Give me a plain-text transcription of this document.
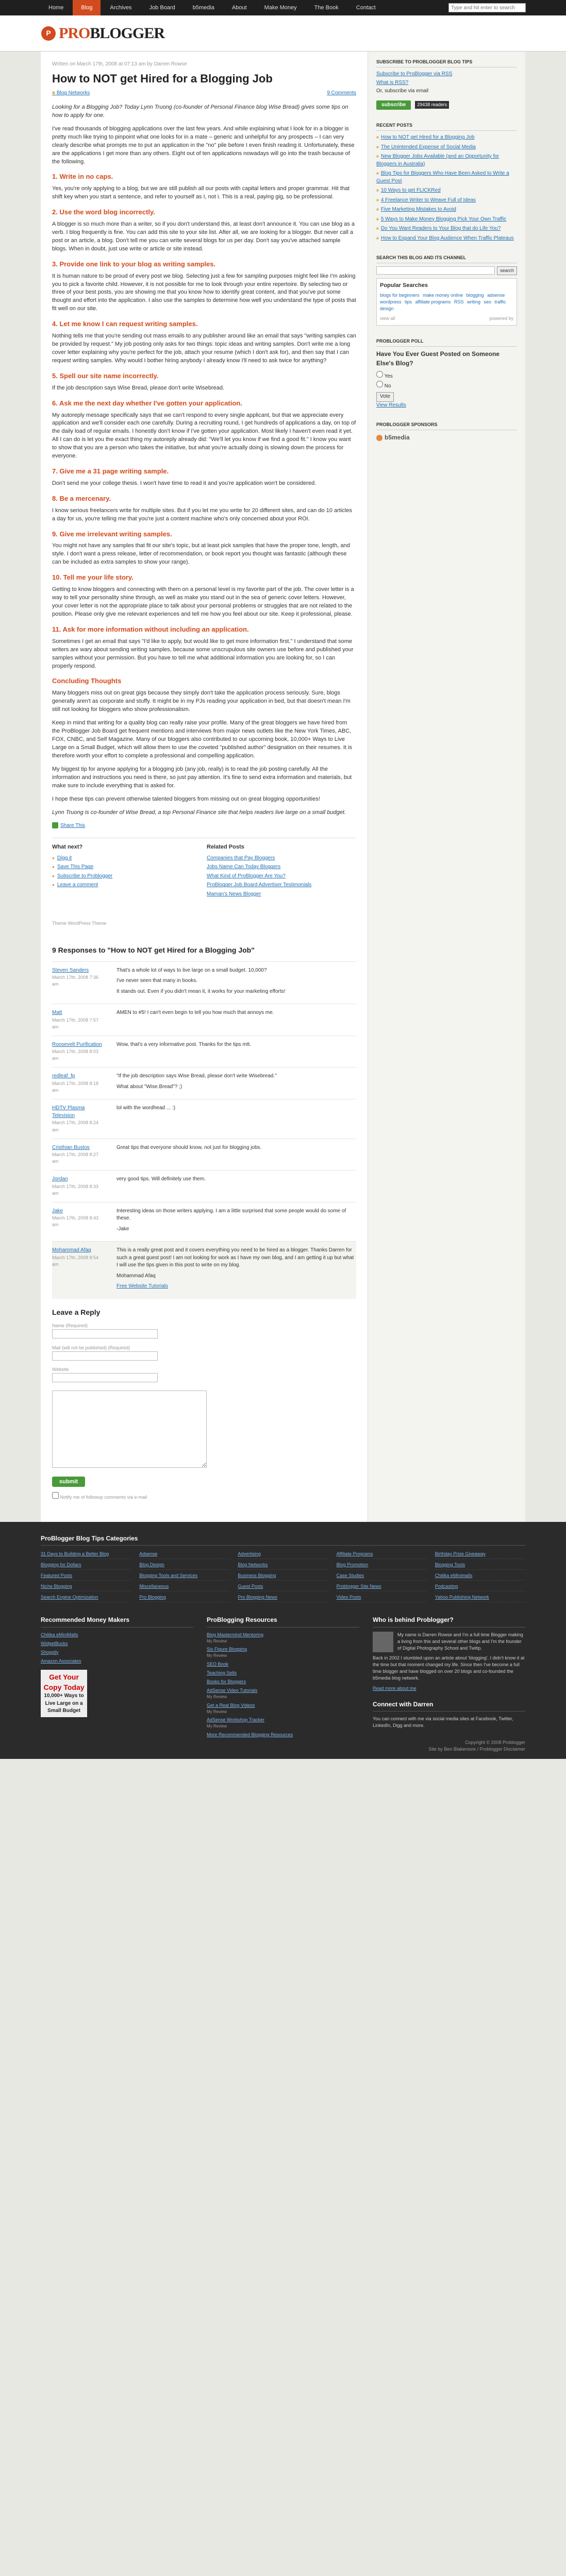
Home	Blog	Archives	Job Board	b5media	About	Make Money	The Book	Contact
Type and hit enter to search
P PROBLOGGER
Written on March 17th, 2008 at 07:13 am by Darren Rowse
How to NOT get Hired for a Blogging Job
■ Blog Networks	9 Comments

Looking for a Blogging Job? Today Lynn Truong (co-founder of Personal Finance blog Wise Bread) gives some tips on how to apply for one.

I've read thousands of blogging applications over the last few years. And while explaining what I look for in a blogger is pretty much like trying to pinpoint what one looks for in a mate – generic and unhelpful for any prospects – I can very clearly describe what prompts me to put an application in the "no" pile before I even finish reading it. Unfortunately, these are the applications I get more than any others. Eight out of ten applications nowadays will go into the trash because of the following.

1. Write in no caps.

Yes, you're only applying to a blog, but we are still publish all our posts with capital letters and proper grammar. Hit that shift key when you start a sentence, and refer to yourself as I, not i. This is a real, paying gig, so be professional.

2. Use the word blog incorrectly.

A blogger is so much more than a writer, so if you don't understand this, at least don't announce it. You can use blog as a verb. I blog frequently is fine. You can add this site to your site list. After all, we are looking for a blogger. But never call a post or an article, a blog. Don't tell me you can write several blogs for us per day. Don't say you've attached sample blogs. When in doubt, just use write or article or site instead.

3. Provide one link to your blog as writing samples.

It is human nature to be proud of every post we blog. Selecting just a few for sampling purposes might feel like I'm asking you to pick a favorite child. However, it is not possible for me to look through your entire repertoire. By selecting two or three of your best posts, you are showing me that you know how to identify great content, and that you've put some thought and effort into the application. I also use the samples to determine how well you understand the type of posts that fit well on our site.

4. Let me know I can request writing samples.

Nothing tells me that you're sending out mass emails to any publisher around like an email that says "writing samples can be provided by request." My job posting only asks for two things: topic ideas and writing samples. Don't write me a long cover letter explaining why you're perfect for the job, attach your resume (which I don't ask for), and then say that I can request writing samples. Why would I bother hiring anybody I already know I'll need to ask twice for anything?

5. Spell our site name incorrectly.

If the job description says Wise Bread, please don't write Wisebread.

6. Ask me the next day whether I've gotten your application.

My autoreply message specifically says that we can't respond to every single applicant, but that we appreciate every application and we'll consider each one carefully. During a recruiting round, I get hundreds of applications a day, on top of the daily load of regular emails. I honestly don't know if I've gotten your application. Most likely I haven't even read it yet. All I can do is let you the exact thing my autoreply already did: "We'll let you know if we find a good fit." I know you want to show that you are a person who takes the initiative, but what you're actually doing is slowing down the process for everyone.

7. Give me a 31 page writing sample.

Don't send me your college thesis. I won't have time to read it and you're application won't be considered.

8. Be a mercenary.

I know serious freelancers write for multiple sites. But if you let me you write for 20 different sites, and can do 10 articles a day for us, you're telling me that you're just a content machine who's only concerned about your ROI.

9. Give me irrelevant writing samples.

You might not have any samples that fit our site's topic, but at least pick samples that have the proper tone, length, and style. I don't want a press release, letter of recommendation, or book report you thought was fantastic (although these can be included as extra samples to show your range).

10. Tell me your life story.

Getting to know bloggers and connecting with them on a personal level is my favorite part of the job. The cover letter is a way to tell your personality shine through, as well as make you stand out in the sea of generic cover letters. However, your cover letter is not the appropriate place to talk about your personal problems or struggles that are not related to the position. Please only give me relevant experiences and tell me how you feel about our site. Keep it professional, please.

11. Ask for more information without including an application.

Sometimes I get an email that says "I'd like to apply, but would like to get more information first." I understand that some writers are wary about sending writing samples, because some unscrupulous site owners use before and published your samples without your permission. But you have to tell me what additional information you are looking for, so I can properly respond.

Concluding Thoughts

Many bloggers miss out on great gigs because they simply don't take the application process seriously. Sure, blogs generally aren't as corporate and stuffy. It might be in my PJs reading your application in bed, but that doesn't mean I'm still not looking for bloggers who show professionalism.

Keep in mind that writing for a quality blog can really raise your profile. Many of the great bloggers we have hired from the ProBlogger Job Board get frequent mentions and interviews from major news outlets like the New York Times, ABC, FOX, CNBC, and Self Magazine. Many of our bloggers also contributed to our upcoming book, 10,000+ Ways to Live Large on a Small Budget, which will allow them to use the coveted "published author" designation on their resumes. It is therefore worth your effort to complete a professional and compelling application.

My biggest tip for anyone applying for a blogging job (any job, really) is to read the job posting carefully. All the information and instructions you need is there, so just pay attention. It's fine to send extra information and materials, but make sure to include everything that is asked for.

I hope these tips can prevent otherwise talented bloggers from missing out on great blogging opportunities!

Lynn Truong is co-founder of Wise Bread, a top Personal Finance site that helps readers live large on a small budget.

Share This
What next?
● Digg it
● Save This Page
● Subscribe to Problogger
● Leave a comment
Related Posts
Companies that Pay Bloggers
Jobs Name Can Today Bloggers
What Kind of ProBlogger Are You?
ProBlogger Job Board Advertiser Testimonials
Maman's News Blogger
Theme WordPress Theme
9 Responses to "How to NOT get Hired for a Blogging Job"
Steven Sanders
March 17th, 2008 7:36 am

That's a whole lot of ways to live large on a small budget. 10,000?

I've never seen that many in books.

It stands out. Even if you didn't mean it, it works for your marketing efforts!

Matt
March 17th, 2008 7:57 am

AMEN to #5! I can't even begin to tell you how much that annoys me.

Roosevelt Purification
March 17th, 2008 8:03 am

Wow, that's a very informative post. Thanks for the tips mtt.

redleaf_fp
March 17th, 2008 8:18 am

"If the job description says Wise Bread, please don't write Wisebread."

What about "Wise.Bread"? ;)

HDTV Plasma Television
March 17th, 2008 8:24 am

lol with the wordhead ... :)

Cristhian Bustos
March 17th, 2008 8:27 am

Great tips that everyone should know, not just for blogging jobs.

Jordan
March 17th, 2008 8:33 am

very good tips. Will definitely use them.

Jake
March 17th, 2008 8:43 am

Interesting ideas on those writers applying. I am a little surprised that some people would do some of these.

-Jake

Mohammad Afaq
March 17th, 2008 8:54 am

This is a really great post and it covers everything you need to be hired as a blogger. Thanks Darren for such a great guest post! I am not looking for work as I have my own blog, and I am getting it up but what I will use the tips given in this post to write on my blog.

Mohammad Afaq

Free Website Tutorials

Leave a Reply
Name (Required)
Mail (will not be published) (Required)
Website
submit
Notify me of followup comments via e-mail
SUBSCRIBE TO PROBLOGGER BLOG TIPS
Subscribe to ProBlogger via RSS
What is RSS?
Or, subscribe via email
subscribe	29438 readers
RECENT POSTS
■ How to NOT get Hired for a Blogging Job
■ The Unintended Expense of Social Media
■ New Blogger Jobs Available (and an Opportunity for Bloggers in Australia)
■ Blog Tips for Bloggers Who Have Been Asked to Write a Guest Post
■ 10 Ways to get FLICKRed
■ 4 Freelance Writer to Weave Full of Ideas
■ Five Marketing Mistakes to Avoid
■ 5 Ways to Make Money Blogging Pick Your Own Traffic
■ Do You Want Readers to Your Blog that do Life You?
■ How to Expand Your Blog Audience When Traffic Plateaus
SEARCH THIS BLOG AND ITS CHANNEL
search
Popular Searches
blogs for beginners make money online blogging adsense wordpress tips affiliate programs RSS writing seo traffic design
view all	powered by
PROBLOGGER POLL
Have You Ever Guest Posted on Someone Else's Blog?
Yes
No
Vote
View Results
PROBLOGGER SPONSORS
b5media
ProBlogger Blog Tips Categories
31 Days to Building a Better Blog	Adsense	Advertising	Affiliate Programs	Birthday Prize Giveaway
Blogging for Dollars	Blog Design	Blog Networks	Blog Promotion	Blogging Tools
Featured Posts	Blogging Tools and Services	Business Blogging	Case Studies	Chitika eMinimalls
Niche Blogging	Miscellaneous	Guest Posts	Problogger Site News	Podcasting
Search Engine Optimization	Pro Blogging	Pro Blogging News	Video Posts	Yahoo Publishing Network
Recommended Money Makers
Chitika eMiniMalls
WidgetBucks
Shoppily
Amazon Associates
Get Your Copy Today
10,000+ Ways to Live Large on a Small Budget
ProBlogging Resources
Blog Mastermind Mentoring
My Review
Six Figure Blogging
My Review
SEO Book
Teaching Sells
Books for Bloggers
AdSense Video Tutorials
My Review
Get a Real Blog Videos
My Review
AdSense Workshop Tracker
My Review
More Recommended Blogging Resources
Who is behind Problogger?

My name is Darren Rowse and I'm a full time Blogger making a living from this and several other blogs and I'm the founder of Digital Photography School and Twitip.

Back in 2002 I stumbled upon an article about 'blogging'. I didn't know it at the time but that moment changed my life. Since then I've become a full time blogger and have blogged on over 20 blogs and co-founded the b5media blog network.

Read more about me
Connect with Darren

You can connect with me via social media sites at Facebook, Twitter, LinkedIn, Digg and more.

Copyright © 2008 Problogger
Site by Ben Blakemore / Problogger Disclaimer
